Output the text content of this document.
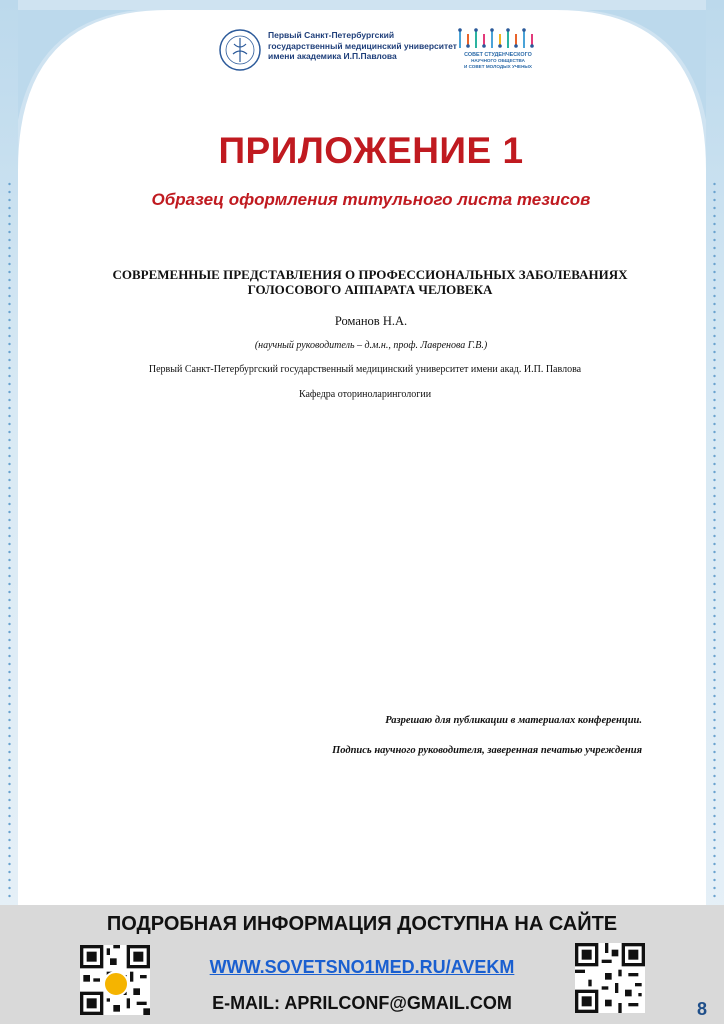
Первый Санкт-Петербургский
государственный медицинский университет
имени академика И.П.Павлова	СОВЕТ СТУДЕНЧЕСКОГО
НАУЧНОГО ОБЩЕСТВА
И СОВЕТ МОЛОДЫХ УЧЕНЫХ
ПРИЛОЖЕНИЕ 1
Образец оформления титульного листа тезисов
СОВРЕМЕННЫЕ ПРЕДСТАВЛЕНИЯ О ПРОФЕССИОНАЛЬНЫХ ЗАБОЛЕВАНИЯХ
ГОЛОСОВОГО АППАРАТА ЧЕЛОВЕКА
Романов Н.А.
(научный руководитель – д.м.н., проф. Лавренова Г.В.)
Первый Санкт-Петербургский государственный медицинский университет имени акад. И.П. Павлова
Кафедра оториноларингологии
Разрешаю для публикации в материалах конференции.
Подпись научного руководителя, заверенная печатью учреждения
ПОДРОБНАЯ ИНФОРМАЦИЯ ДОСТУПНА НА САЙТЕ
WWW.SOVETSNO1MED.RU/AVEKM
E-MAIL: APRILCONF@GMAIL.COM	8
